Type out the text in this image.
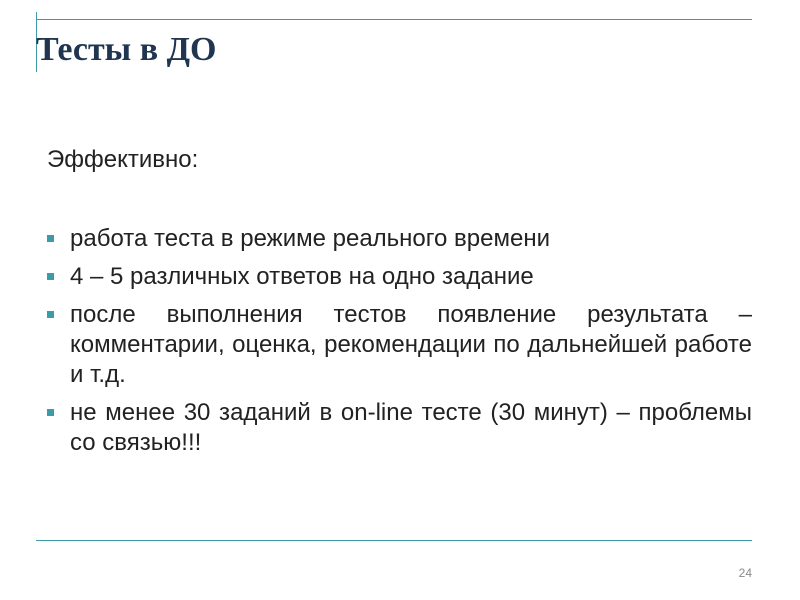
Тесты в ДО

Эффективно:

работа теста в режиме реального времени
4 – 5 различных ответов на одно задание
после выполнения тестов появление результата – комментарии, оценка, рекомендации по дальнейшей работе и т.д.
не менее 30 заданий в on-line тесте (30 минут) – проблемы со связью!!!

24
